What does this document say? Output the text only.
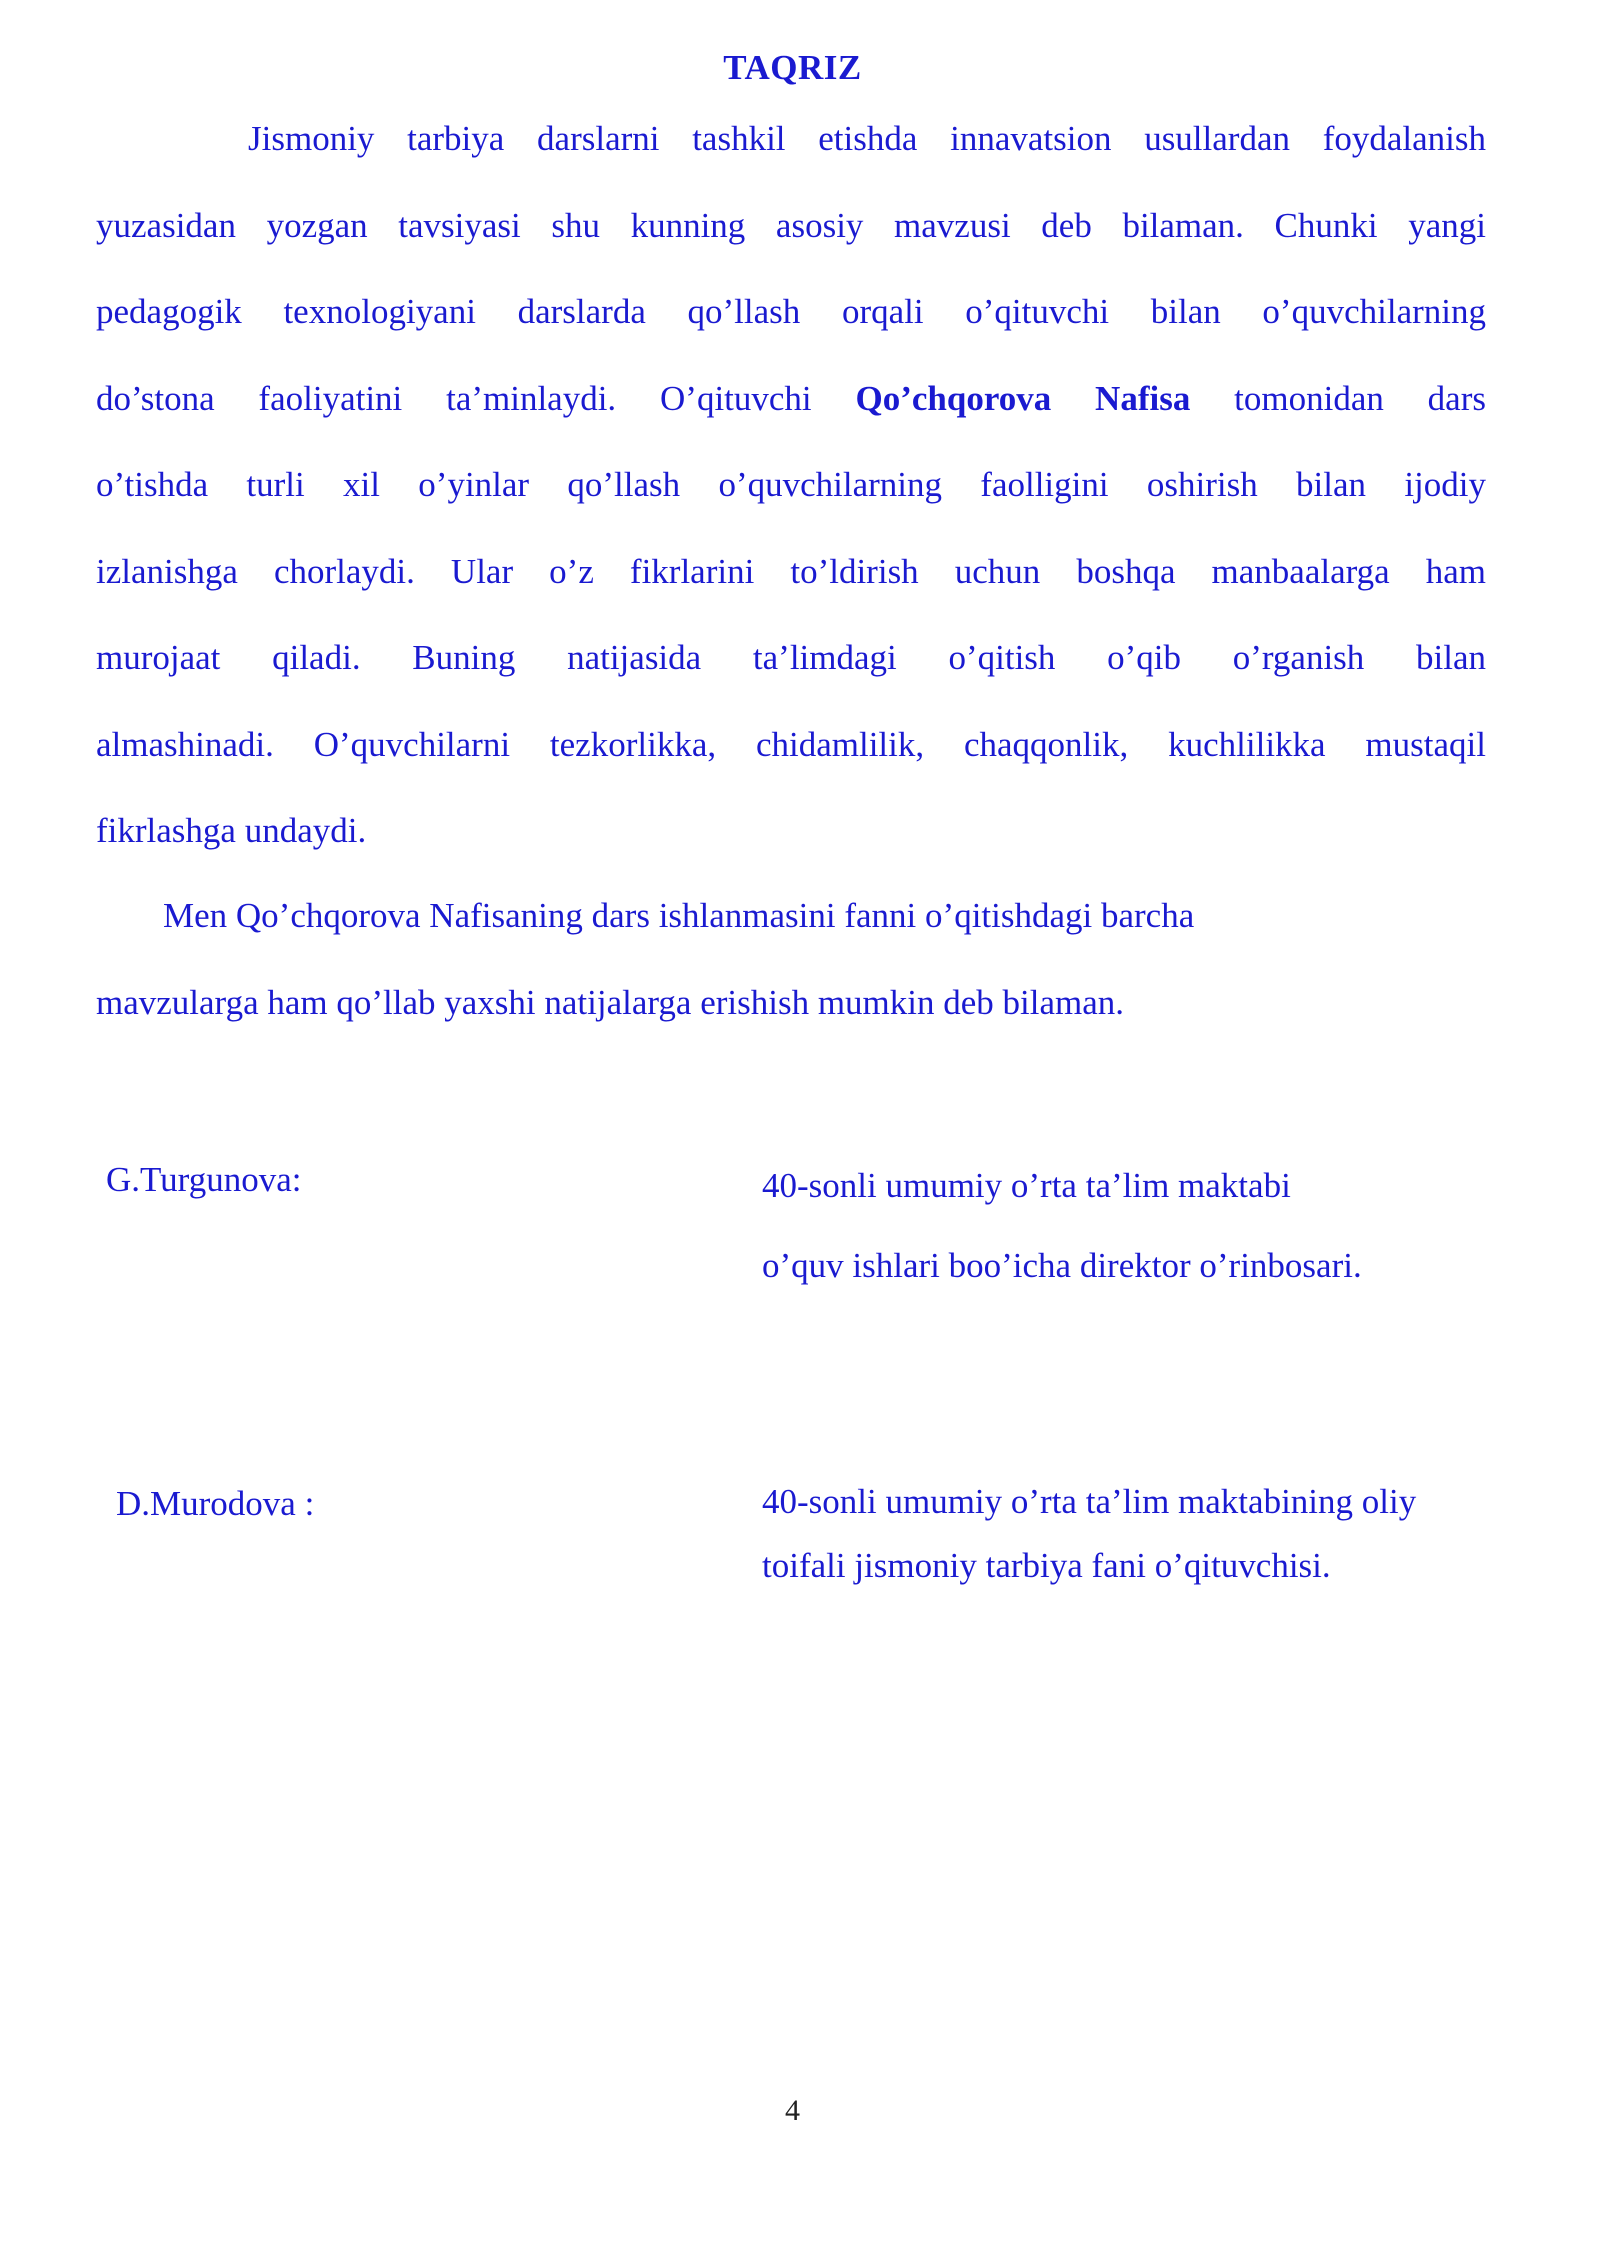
TAQRIZ
Jismoniy tarbiya darslarni tashkil etishda innavatsion usullardan foydalanish
yuzasidan yozgan tavsiyasi shu kunning asosiy mavzusi deb bilaman. Chunki yangi
pedagogik texnologiyani darslarda qo’llash orqali o’qituvchi bilan o’quvchilarning
do’stona faoliyatini ta’minlaydi. O’qituvchi Qo’chqorova Nafisa tomonidan dars
o’tishda turli xil o’yinlar qo’llash o’quvchilarning faolligini oshirish bilan ijodiy
izlanishga chorlaydi. Ular o’z fikrlarini to’ldirish uchun boshqa manbaalarga ham
murojaat qiladi. Buning natijasida ta’limdagi o’qitish o’qib o’rganish bilan
almashinadi. O’quvchilarni tezkorlikka, chidamlilik, chaqqonlik, kuchlilikka mustaqil
fikrlashga undaydi.
Men Qo’chqorova Nafisaning dars ishlanmasini fanni o’qitishdagi barcha
mavzularga ham qo’llab yaxshi natijalarga erishish mumkin deb bilaman.
G.Turgunova:	40-sonli umumiy o’rta ta’lim maktabi
o’quv ishlari boo’icha direktor o’rinbosari.
D.Murodova :	40-sonli umumiy o’rta ta’lim maktabining oliy
toifali jismoniy tarbiya fani o’qituvchisi.
4
